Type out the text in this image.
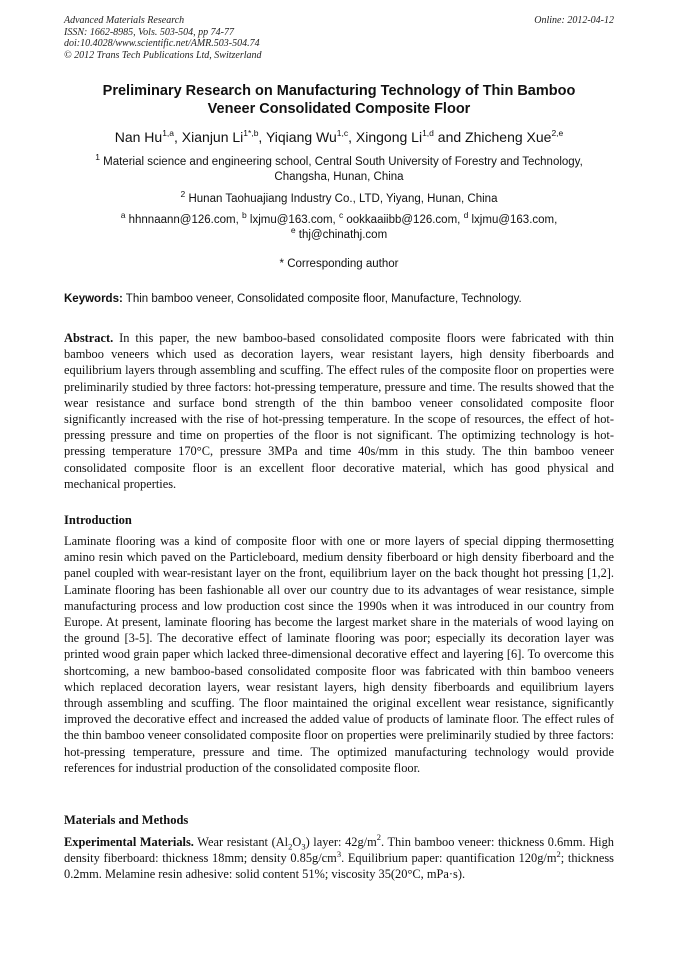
Advanced Materials Research
ISSN: 1662-8985, Vols. 503-504, pp 74-77
doi:10.4028/www.scientific.net/AMR.503-504.74
© 2012 Trans Tech Publications Ltd, Switzerland
Online: 2012-04-12
Preliminary Research on Manufacturing Technology of Thin Bamboo
Veneer Consolidated Composite Floor
Nan Hu$^{1,a}$, Xianjun $Li^{1*,b}$, Yiqiang Wu$^{1,c}$, Xingong Li$^{1,d}$ and Zhicheng Xue$^{2,e}$
$^1$ Material science and engineering school, Central South University of Forestry and Technology,
Changsha, Hunan, China
$^2$ Hunan Taohuajiang Industry Co., LTD, Yiyang, Hunan, China
$^a$ hhnnaann@126.com, $^b$ lxjmu@163.com, $^c$ ookkaaiibb@126.com, $^d$ lxjmu@163.com,
$^e$ thj@chinathj.com
* Corresponding author
Keywords: Thin bamboo veneer, Consolidated composite floor, Manufacture, Technology.
Abstract. In this paper, the new bamboo-based consolidated composite floors were fabricated with thin bamboo veneers which used as decoration layers, wear resistant layers, high density fiberboards and equilibrium layers through assembling and scuffing. The effect rules of the composite floor on properties were preliminarily studied by three factors: hot-pressing temperature, pressure and time. The results showed that the wear resistance and surface bond strength of the thin bamboo veneer consolidated composite floor significantly increased with the rise of hot-pressing temperature. In the scope of resources, the effect of hot-pressing pressure and time on properties of the floor is not significant. The optimizing technology is hot-pressing temperature 170°C, pressure 3MPa and time 40s/mm in this study. The thin bamboo veneer consolidated composite floor is an excellent floor decorative material, which has good physical and mechanical properties.
Introduction
Laminate flooring was a kind of composite floor with one or more layers of special dipping thermosetting amino resin which paved on the Particleboard, medium density fiberboard or high density fiberboard and the panel coupled with wear-resistant layer on the front, equilibrium layer on the back thought hot pressing [1,2]. Laminate flooring has been fashionable all over our country due to its advantages of wear resistance, simple manufacturing process and low production cost since the 1990s when it was introduced in our country from Europe. At present, laminate flooring has become the largest market share in the materials of wood laying on the ground [3-5]. The decorative effect of laminate flooring was poor; especially its decoration layer was printed wood grain paper which lacked three-dimensional decorative effect and layering [6]. To overcome this shortcoming, a new bamboo-based consolidated composite floor was fabricated with thin bamboo veneers which replaced decoration layers, wear resistant layers, high density fiberboards and equilibrium layers through assembling and scuffing. The floor maintained the original excellent wear resistance, significantly improved the decorative effect and increased the added value of products of laminate floor. The effect rules of the thin bamboo veneer consolidated composite floor on properties were preliminarily studied by three factors: hot-pressing temperature, pressure and time. The optimized manufacturing technology would provide references for industrial production of the consolidated composite floor.
Materials and Methods
Experimental Materials. Wear resistant $(Al_2O_3)$ layer: $42g/m^2$. Thin bamboo veneer: thickness 0.6mm. High density fiberboard: thickness 18mm; density $0.85g/cm^3$. Equilibrium paper: quantification $120g/m^2$; thickness 0.2mm. Melamine resin adhesive: solid content 51%; viscosity 35(20°C, mPa·s).
